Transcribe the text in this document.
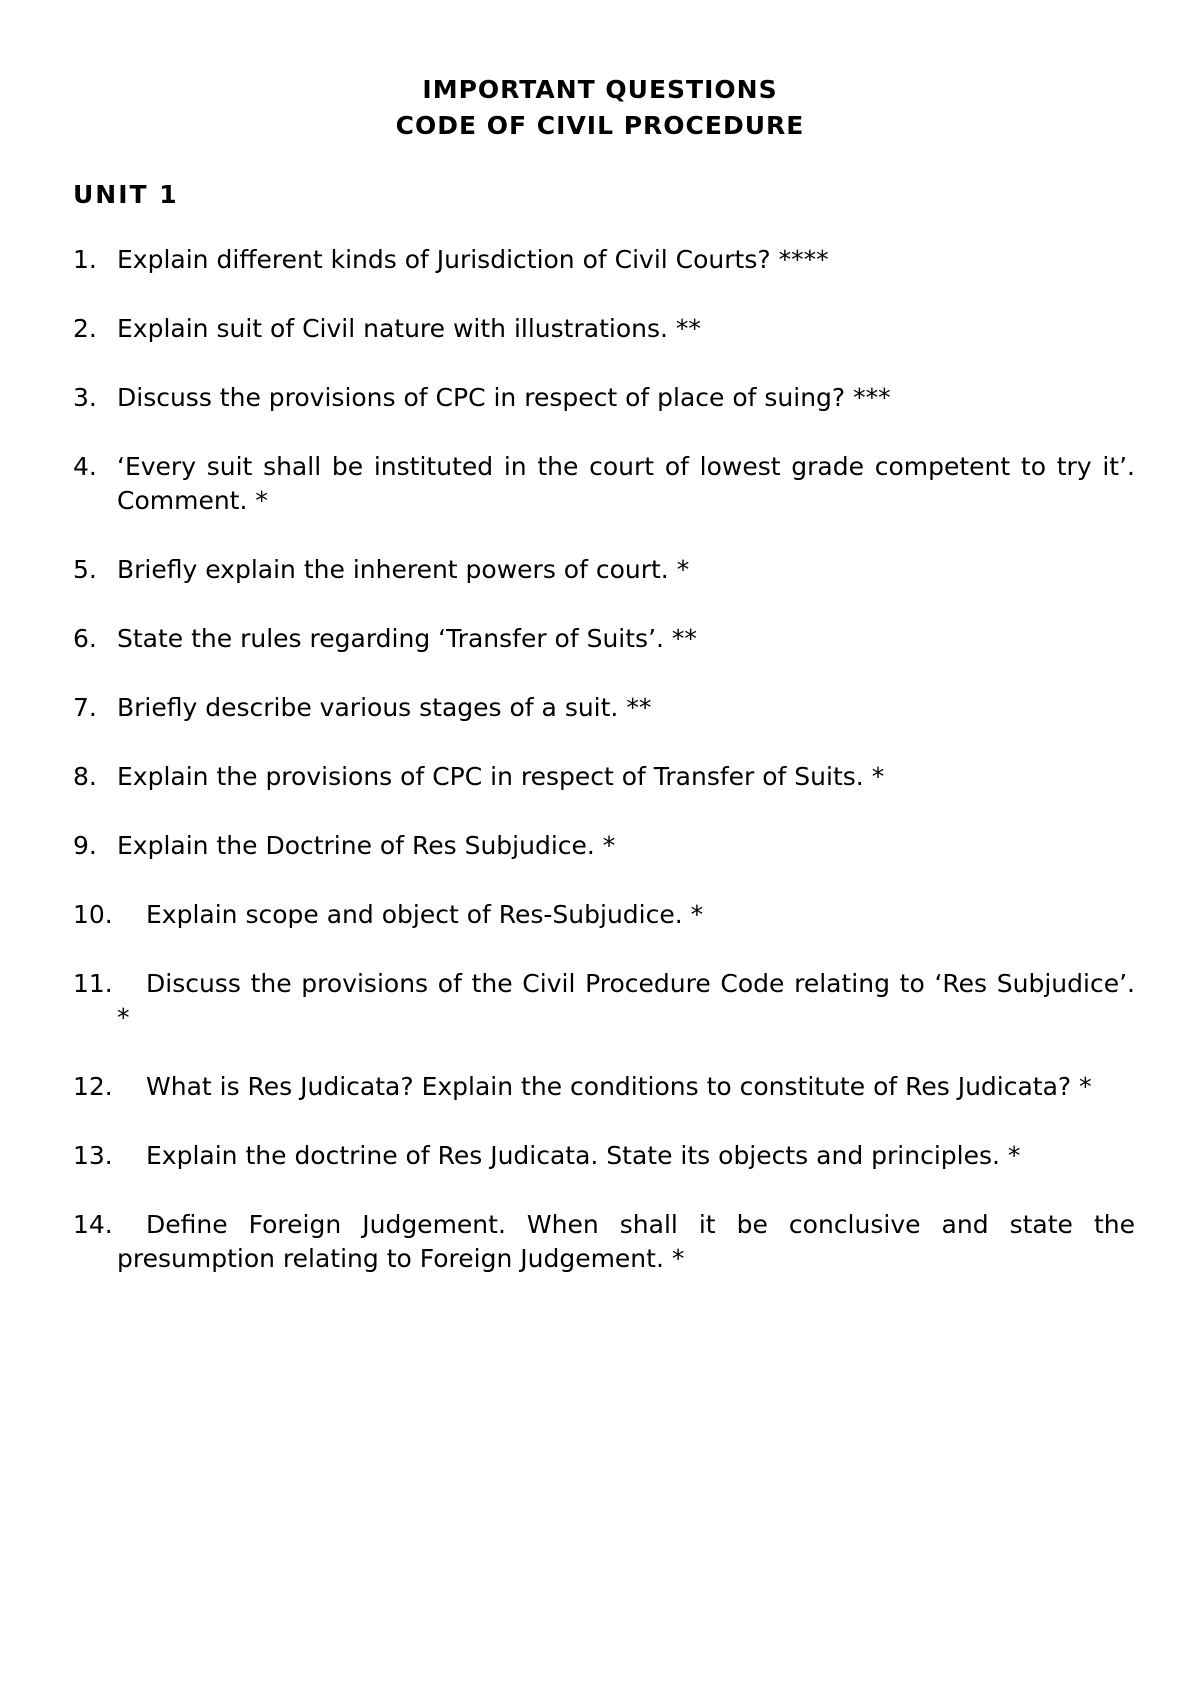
IMPORTANT QUESTIONS
CODE OF CIVIL PROCEDURE
UNIT 1
1. Explain different kinds of Jurisdiction of Civil Courts? ****
2. Explain suit of Civil nature with illustrations. **
3. Discuss the provisions of CPC in respect of place of suing? ***
4. ‘Every suit shall be instituted in the court of lowest grade competent to try it’. Comment. *
5. Briefly explain the inherent powers of court. *
6. State the rules regarding ‘Transfer of Suits’. **
7. Briefly describe various stages of a suit. **
8. Explain the provisions of CPC in respect of Transfer of Suits. *
9. Explain the Doctrine of Res Subjudice. *
10.	Explain scope and object of Res-Subjudice. *
11.	Discuss the provisions of the Civil Procedure Code relating to ‘Res Subjudice’. *
12.	What is Res Judicata? Explain the conditions to constitute of Res Judicata? *
13.	Explain the doctrine of Res Judicata. State its objects and principles. *
14.	Define Foreign Judgement. When shall it be conclusive and state the presumption relating to Foreign Judgement. *
